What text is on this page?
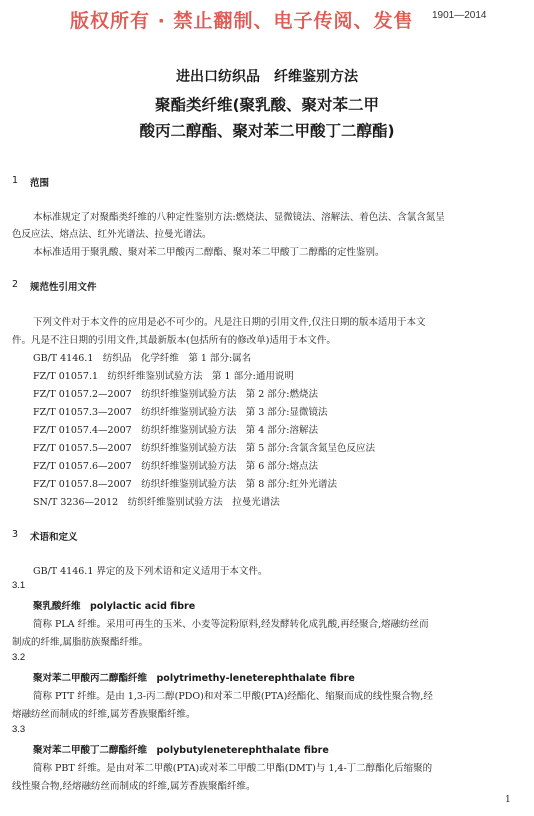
版权所有 · 禁止翻制、电子传阅、发售 1901—2014
进出口纺织品　纤维鉴别方法
聚酯类纤维(聚乳酸、聚对苯二甲
酸丙二醇酯、聚对苯二甲酸丁二醇酯)
1 范围
本标准规定了对聚酯类纤维的八种定性鉴别方法:燃烧法、显微镜法、溶解法、着色法、含氯含氮呈
色反应法、熔点法、红外光谱法、拉曼光谱法。
本标准适用于聚乳酸、聚对苯二甲酸丙二醇酯、聚对苯二甲酸丁二醇酯的定性鉴别。
2 规范性引用文件
下列文件对于本文件的应用是必不可少的。凡是注日期的引用文件,仅注日期的版本适用于本文
件。凡是不注日期的引用文件,其最新版本(包括所有的修改单)适用于本文件。
GB/T 4146.1　纺织品　化学纤维　第 1 部分:属名
FZ/T 01057.1　纺织纤维鉴别试验方法　第 1 部分:通用说明
FZ/T 01057.2—2007　纺织纤维鉴别试验方法　第 2 部分:燃烧法
FZ/T 01057.3—2007　纺织纤维鉴别试验方法　第 3 部分:显微镜法
FZ/T 01057.4—2007　纺织纤维鉴别试验方法　第 4 部分:溶解法
FZ/T 01057.5—2007　纺织纤维鉴别试验方法　第 5 部分:含氯含氮呈色反应法
FZ/T 01057.6—2007　纺织纤维鉴别试验方法　第 6 部分:熔点法
FZ/T 01057.8—2007　纺织纤维鉴别试验方法　第 8 部分:红外光谱法
SN/T 3236—2012　纺织纤维鉴别试验方法　拉曼光谱法
3 术语和定义
GB/T 4146.1 界定的及下列术语和定义适用于本文件。
3.1
聚乳酸纤维　polylactic acid fibre
简称 PLA 纤维。采用可再生的玉米、小麦等淀粉原料,经发酵转化成乳酸,再经聚合,熔融纺丝而
制成的纤维,属脂肪族聚酯纤维。
3.2
聚对苯二甲酸丙二醇酯纤维　polytrimethy-leneterephthalate fibre
简称 PTT 纤维。是由 1,3-丙二醇(PDO)和对苯二甲酸(PTA)经酯化、缩聚而成的线性聚合物,经
熔融纺丝而制成的纤维,属芳香族聚酯纤维。
3.3
聚对苯二甲酸丁二醇酯纤维　polybutyleneterephthalate fibre
简称 PBT 纤维。是由对苯二甲酸(PTA)或对苯二甲酸二甲酯(DMT)与 1,4-丁二醇酯化后缩聚的
线性聚合物,经熔融纺丝而制成的纤维,属芳香族聚酯纤维。
1
